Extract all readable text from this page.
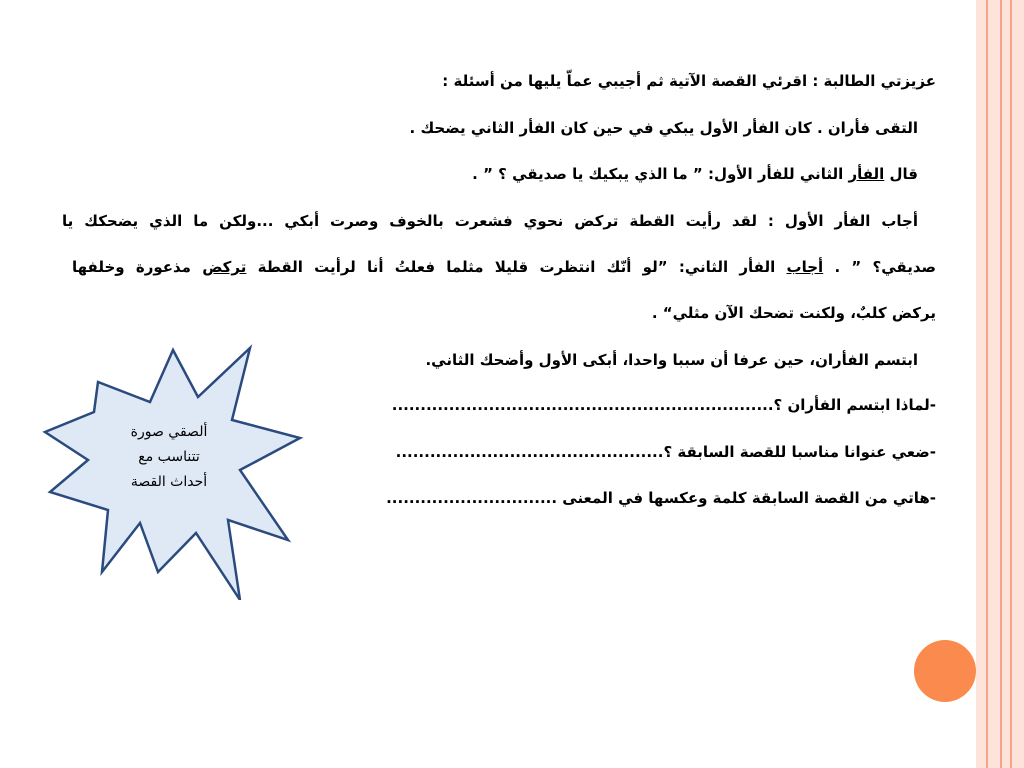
عزيزتي الطالبة : اقرئي القصة الآتية ثم أجيبي عماّ يليها من أسئلة :
التقى فأران . كان الفأر الأول يبكي في حين كان الفأر الثاني يضحك .
قال الفأر الثاني للفأر الأول: ” ما الذي يبكيك يا صديقي ؟ ” .
أجاب الفأر الأول : لقد رأيت القطة تركض نحوي فشعرت بالخوف وصرت أبكي ...ولكن ما الذي يضحكك يا
صديقي؟ ” . أجاب الفأر الثاني: ”لو أنّك انتظرت قليلا مثلما فعلتُ أنا لرأيت القطة تركض مذعورة وخلفها
يركض كلبٌ، ولكنت تضحك الآن مثلي“ .
ابتسم الفأران، حين عرفا أن سببا واحدا، أبكى الأول وأضحك الثاني.
-لماذا ابتسم الفأران ؟...................................................................
-ضعي عنوانا مناسبا للقصة السابقة ؟...............................................
-هاتي من القصة السابقة كلمة وعكسها في المعنى ..............................
ألصقي صورة
تتناسب مع
أحداث القصة
